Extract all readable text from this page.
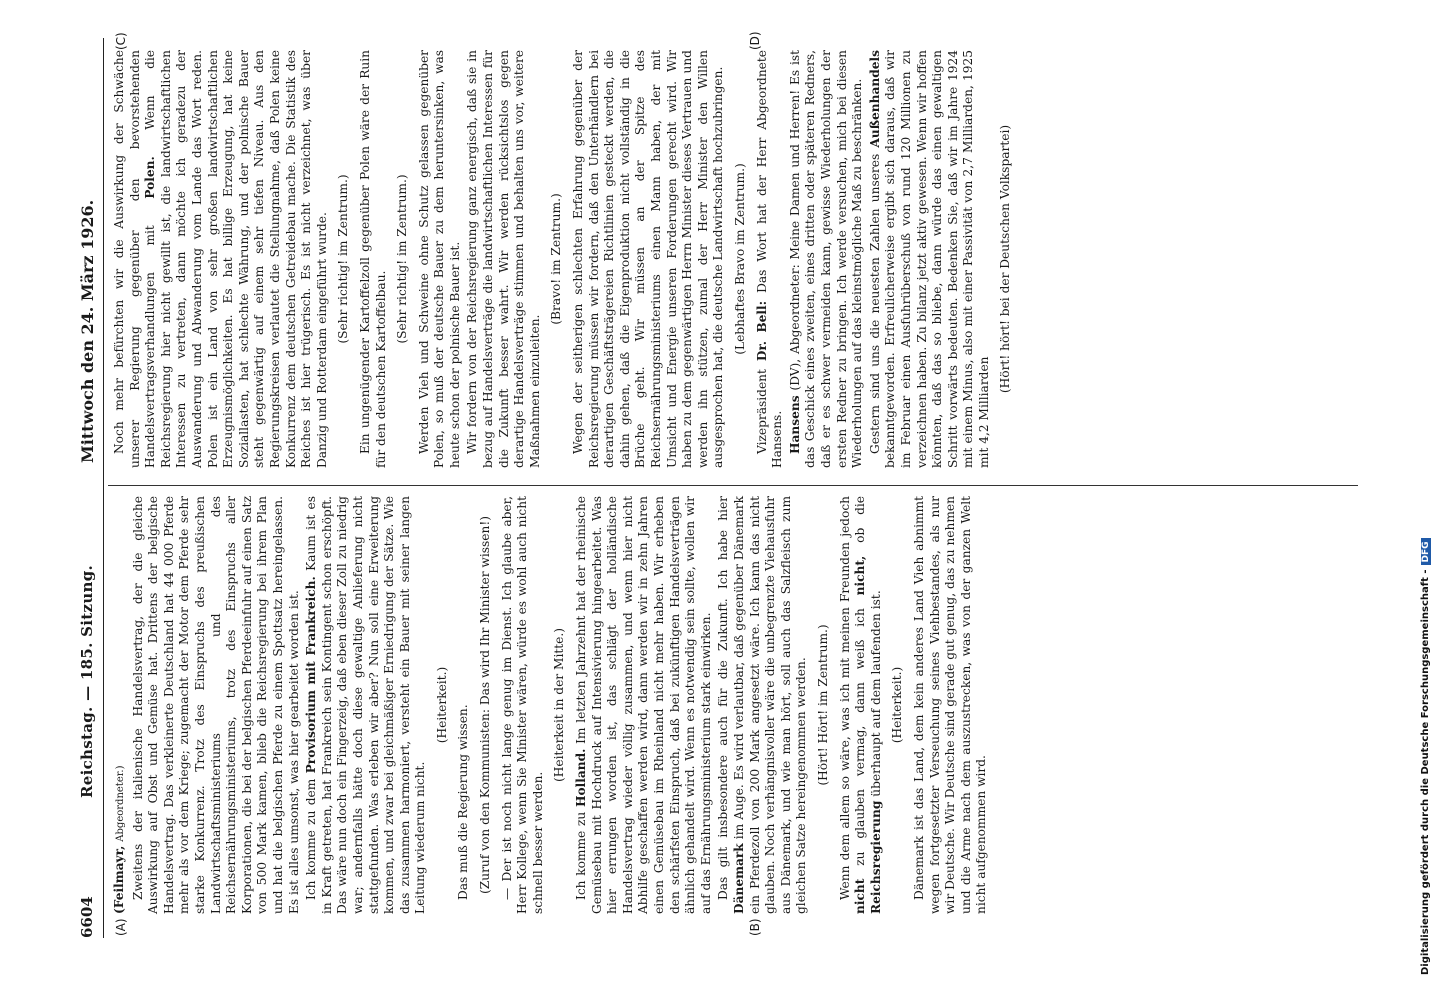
6604
Reichstag. — 185. Sitzung.
Mittwoch den 24. März 1926.
(A)	(B)
(C)	(D)

(Feilmayr, Abgeordneter.) Zweitens der italienische Handelsvertrag, der die gleiche Auswirkung auf Obst und Gemüse hat. Drittens der belgische Handelsvertrag. Das verkleinerte Deutschland hat 44 000 Pferde mehr als vor dem Kriege; zugemacht der Motor dem Pferde sehr starke Konkurrenz. Trotz des Einspruchs des preußischen Landwirtschaftsministeriums und des Reichsernährungsministeriums, trotz des Einspruchs aller Korporationen, die bei der belgischen Pferdeeinfuhr auf einen Satz von 500 Mark kamen, blieb die Reichsregierung bei ihrem Plan und hat die belgischen Pferde zu einem Spottsatz hereingelassen. Es ist alles umsonst, was hier gearbeitet worden ist. Ich komme zu dem Provisorium mit Frankreich. Kaum ist es in Kraft getreten, hat Frankreich sein Kontingent schon erschöpft. Das wäre nun doch ein Fingerzeig, daß eben dieser Zoll zu niedrig war; andernfalls hätte doch diese gewaltige Anlieferung nicht stattgefunden. Was erleben wir aber? Nun soll eine Erweiterung kommen, und zwar bei gleichmäßiger Erniedrigung der Sätze. Wie das zusammen harmoniert, versteht ein Bauer mit seiner langen Leitung wiederum nicht.

(Heiterkeit.) Das muß die Regierung wissen. (Zuruf von den Kommunisten: Das wird Ihr Minister wissen!) — Der ist noch nicht lange genug im Dienst. Ich glaube aber, Herr Kollege, wenn Sie Minister wären, würde es wohl auch nicht schnell besser werden.

(Heiterkeit in der Mitte.)

Ich komme zu Holland. Im letzten Jahrzehnt hat der rheinische Gemüsebau mit Hochdruck auf Intensivierung hingearbeitet. Was hier errungen worden ist, das schlägt der holländische Handelsvertrag wieder völlig zusammen, und wenn hier nicht Abhilfe geschaffen werden wird, dann werden wir in zehn Jahren einen Gemüsebau im Rheinland nicht mehr haben. Wir erheben den schärfsten Einspruch, daß bei zukünftigen Handelsverträgen ähnlich gehandelt wird. Wenn es notwendig sein sollte, wollen wir auf das Ernährungsministerium stark einwirken. Das gilt insbesondere auch für die Zukunft. Ich habe hier Dänemark im Auge. Es wird verlautbar, daß gegenüber Dänemark ein Pferdezoll von 200 Mark angesetzt wäre. Ich kann das nicht glauben. Noch verhängnisvoller wäre die unbegrenzte Viehausfuhr aus Dänemark, und wie man hört, soll auch das Salzfleisch zum gleichen Satze hereingenommen werden. (Hört! Hört! im Zentrum.) Wenn dem allem so wäre, was ich mit meinen Freunden jedoch nicht zu glauben vermag, dann weiß ich nicht, ob die Reichsregierung überhaupt auf dem laufenden ist. (Heiterkeit.) Dänemark ist das Land, dem kein anderes Land Vieh abnimmt wegen fortgesetzter Verseuchung seines Viehbestandes, als nur wir Deutsche. Wir Deutsche sind gerade gut genug, das zu nehmen und die Arme nach dem auszustrecken, was von der ganzen Welt nicht aufgenommen wird.

Noch mehr befürchten wir die Auswirkung der Schwäche unserer Regierung gegenüber den bevorstehenden Handelsvertragsverhandlungen mit Polen. Wenn die Reichsregierung hier nicht gewillt ist, die landwirtschaftlichen Interessen zu vertreten, dann möchte ich geradezu der Auswanderung und Abwanderung vom Lande das Wort reden. Polen ist ein Land von sehr großen landwirtschaftlichen Erzeugnismöglichkeiten. Es hat billige Erzeugung, hat keine Soziallasten, hat schlechte Währung, und der polnische Bauer steht gegenwärtig auf einem sehr tiefen Niveau. Aus den Regierungskreisen verlautet die Stellungnahme, daß Polen keine Konkurrenz dem deutschen Getreidebau mache. Die Statistik des Reiches ist hier trügerisch. Es ist nicht verzeichnet, was über Danzig und Rotterdam eingeführt wurde. (Sehr richtig! im Zentrum.) Ein ungenügender Kartoffelzoll gegenüber Polen wäre der Ruin für den deutschen Kartoffelbau.

(Sehr richtig! im Zentrum.) Werden Vieh und Schweine ohne Schutz gelassen gegenüber Polen, so muß der deutsche Bauer zu dem heruntersinken, was heute schon der polnische Bauer ist. Wir fordern von der Reichsregierung ganz energisch, daß sie in bezug auf Handelsverträge die landwirtschaftlichen Interessen für die Zukunft besser wahrt. Wir werden rücksichtslos gegen derartige Handelsverträge stimmen und behalten uns vor, weitere Maßnahmen einzuleiten.

(Bravo! im Zentrum.) Wegen der seitherigen schlechten Erfahrung gegenüber der Reichsregierung müssen wir fordern, daß den Unterhändlern bei derartigen Geschäftsträgereien Richtlinien gesteckt werden, die dahin gehen, daß die Eigenproduktion nicht vollständig in die Brüche geht. Wir müssen an der Spitze des Reichsernährungsministeriums einen Mann haben, der mit Umsicht und Energie unseren Forderungen gerecht wird. Wir haben zu dem gegenwärtigen Herrn Minister dieses Vertrauen und werden ihn stützen, zumal der Herr Minister den Willen ausgesprochen hat, die deutsche Landwirtschaft hochzubringen. (Lebhaftes Bravo im Zentrum.)

Vizepräsident Dr. Bell: Das Wort hat der Herr Abgeordnete Hansens. Hansens (DV), Abgeordneter: Meine Damen und Herren! Es ist das Geschick eines zweiten, eines dritten oder späteren Redners, daß er es schwer vermeiden kann, gewisse Wiederholungen der ersten Redner zu bringen. Ich werde versuchen, mich bei diesen Wiederholungen auf das kleinstmögliche Maß zu beschränken. Gestern sind uns die neuesten Zahlen unseres Außenhandels bekanntgeworden. Erfreulicherweise ergibt sich daraus, daß wir im Februar einen Ausfuhrüberschuß von rund 120 Millionen zu verzeichnen haben. Zu bilanz jetzt aktiv gewesen. Wenn wir hoffen könnten, daß das so bliebe, dann würde das einen gewaltigen Schritt vorwärts bedeuten. Bedenken Sie, daß wir im Jahre 1924 mit einem Minus, also mit einer Passivität von 2,7 Milliarden, 1925 mit 4,2 Milliarden

(Hört! hört! bei der Deutschen Volkspartei)

Digitalisierung gefördert durch die Deutsche Forschungsgemeinschaft -DFG
